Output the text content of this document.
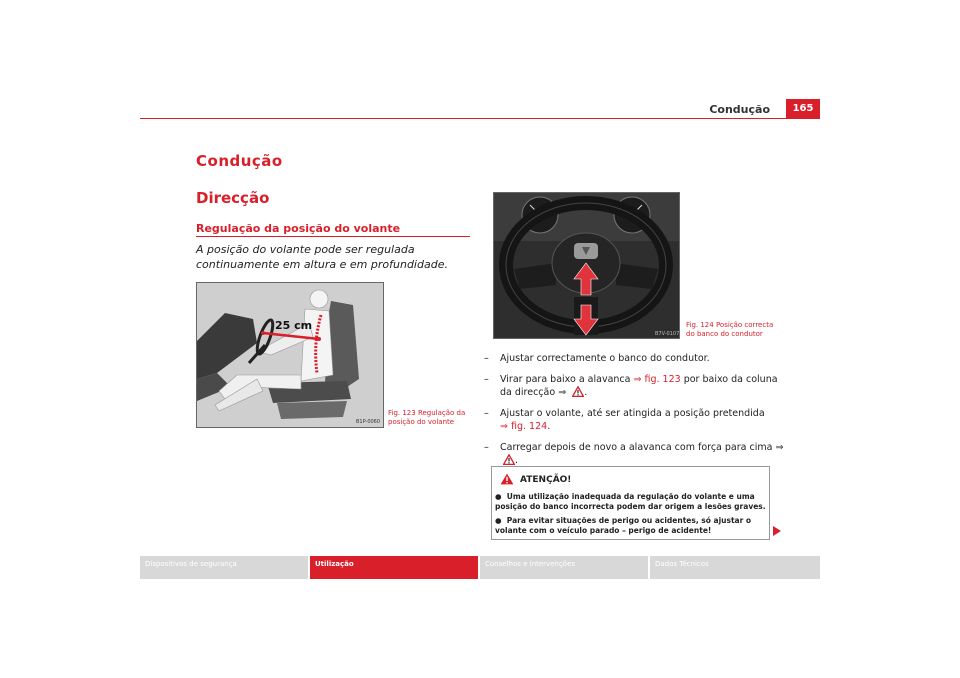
Condução	165
Condução
Direcção
Regulação da posição do volante
A posição do volante pode ser regulada continuamente em altura e em profundidade.
25 cm
B1P-0060
Fig. 123 Regulação da posição do volante
B7V-0107
Fig. 124 Posição correcta do banco do condutor
– Ajustar correctamente o banco do condutor.
– Virar para baixo a alavanca ⇒ fig. 123 por baixo da coluna da direcção ⇒ .
– Ajustar o volante, até ser atingida a posição pretendida
⇒ fig. 124.
– Carregar depois de novo a alavanca com força para cima ⇒ .
ATENÇÃO!
● Uma utilização inadequada da regulação do volante e uma posição do banco incorrecta podem dar origem a lesões graves.
● Para evitar situações de perigo ou acidentes, só ajustar o volante com o veículo parado – perigo de acidente!
Dispositivos de segurança	Utilização	Conselhos e Intervenções	Dados Técnicos
